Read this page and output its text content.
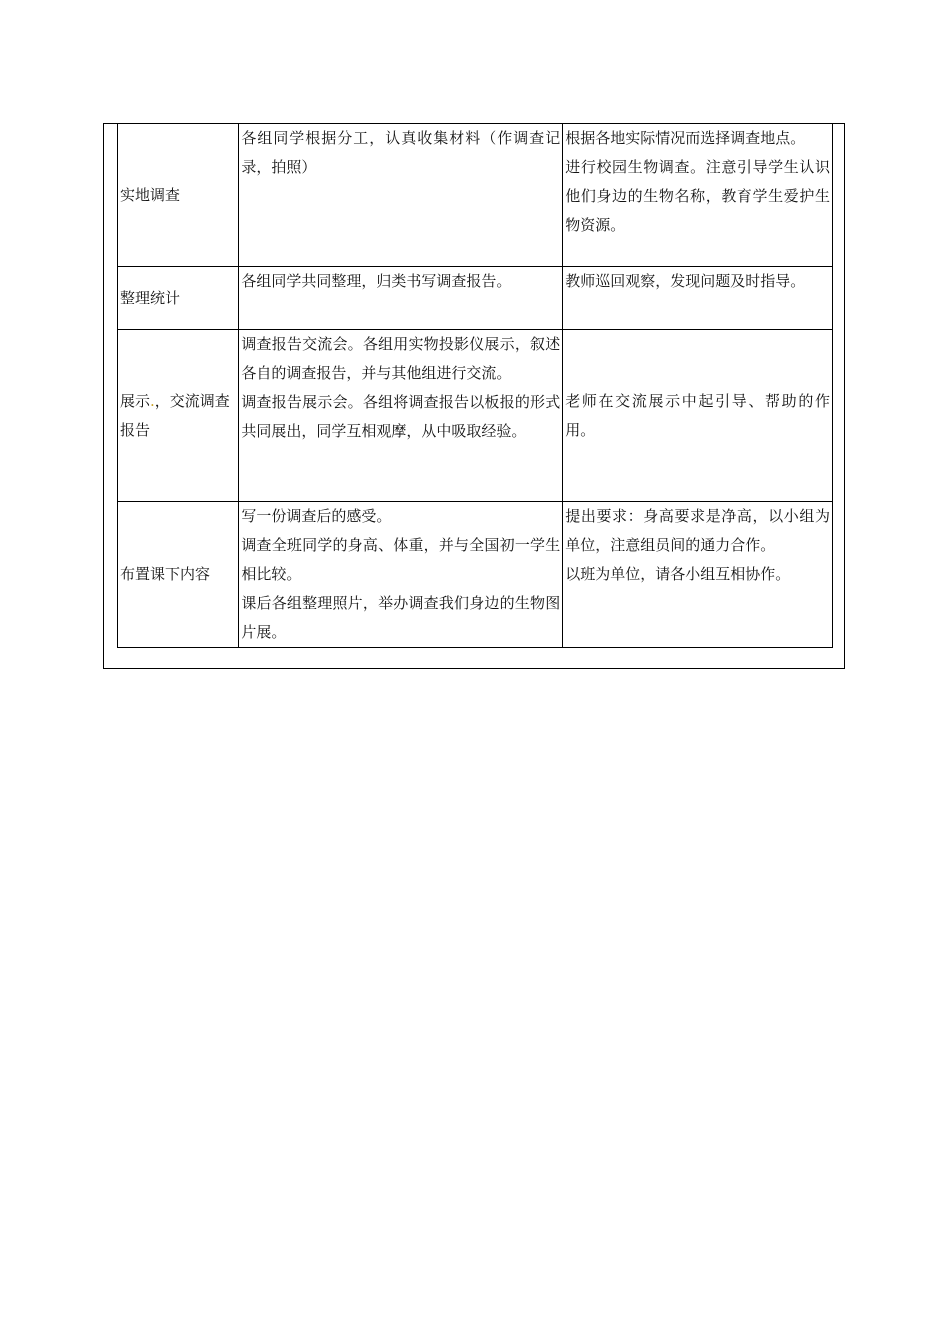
实地调查	各组同学根据分工，认真收集材料（作调查记录，拍照）	根据各地实际情况而选择调查地点。
进行校园生物调查。注意引导学生认识他们身边的生物名称，教育学生爱护生物资源。

整理统计	各组同学共同整理，归类书写调查报告。	教师巡回观察，发现问题及时指导。

展示.，交流调查报告	调查报告交流会。各组用实物投影仪展示，叙述各自的调查报告，并与其他组进行交流。
调查报告展示会。各组将调查报告以板报的形式共同展出，同学互相观摩，从中吸取经验。	老师在交流展示中起引导、帮助的作用。

布置课下内容	写一份调查后的感受。
调查全班同学的身高、体重，并与全国初一学生相比较。
课后各组整理照片，举办调查我们身边的生物图片展。	提出要求：身高要求是净高，以小组为单位，注意组员间的通力合作。
以班为单位，请各小组互相协作。
